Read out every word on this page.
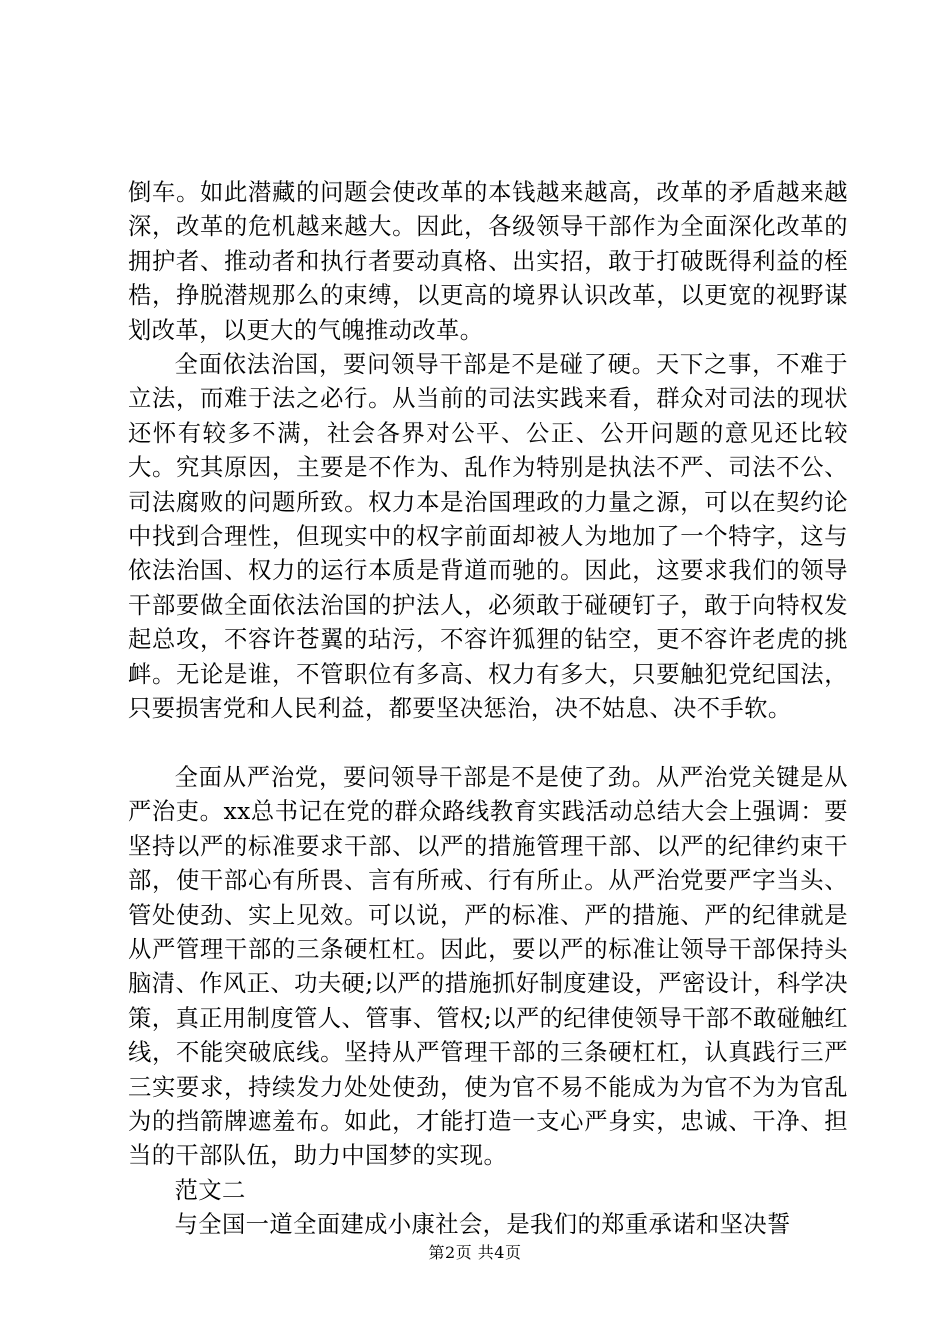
倒车。如此潜藏的问题会使改革的本钱越来越高，改革的矛盾越来越深，改革的危机越来越大。因此，各级领导干部作为全面深化改革的拥护者、推动者和执行者要动真格、出实招，敢于打破既得利益的桎梏，挣脱潜规那么的束缚，以更高的境界认识改革，以更宽的视野谋划改革，以更大的气魄推动改革。

全面依法治国，要问领导干部是不是碰了硬。天下之事，不难于立法，而难于法之必行。从当前的司法实践来看，群众对司法的现状还怀有较多不满，社会各界对公平、公正、公开问题的意见还比较大。究其原因，主要是不作为、乱作为特别是执法不严、司法不公、司法腐败的问题所致。权力本是治国理政的力量之源，可以在契约论中找到合理性，但现实中的权字前面却被人为地加了一个特字，这与依法治国、权力的运行本质是背道而驰的。因此，这要求我们的领导干部要做全面依法治国的护法人，必须敢于碰硬钉子，敢于向特权发起总攻，不容许苍翼的玷污，不容许狐狸的钻空，更不容许老虎的挑衅。无论是谁，不管职位有多高、权力有多大，只要触犯党纪国法，只要损害党和人民利益，都要坚决惩治，决不姑息、决不手软。

全面从严治党，要问领导干部是不是使了劲。从严治党关键是从严治吏。xx总书记在党的群众路线教育实践活动总结大会上强调：要坚持以严的标准要求干部、以严的措施管理干部、以严的纪律约束干部，使干部心有所畏、言有所戒、行有所止。从严治党要严字当头、管处使劲、实上见效。可以说，严的标准、严的措施、严的纪律就是从严管理干部的三条硬杠杠。因此，要以严的标准让领导干部保持头脑清、作风正、功夫硬;以严的措施抓好制度建设，严密设计，科学决策，真正用制度管人、管事、管权;以严的纪律使领导干部不敢碰触红线，不能突破底线。坚持从严管理干部的三条硬杠杠，认真践行三严三实要求，持续发力处处使劲，使为官不易不能成为为官不为为官乱为的挡箭牌遮羞布。如此，才能打造一支心严身实，忠诚、干净、担当的干部队伍，助力中国梦的实现。

范文二

与全国一道全面建成小康社会，是我们的郑重承诺和坚决誓

第2页 共4页
